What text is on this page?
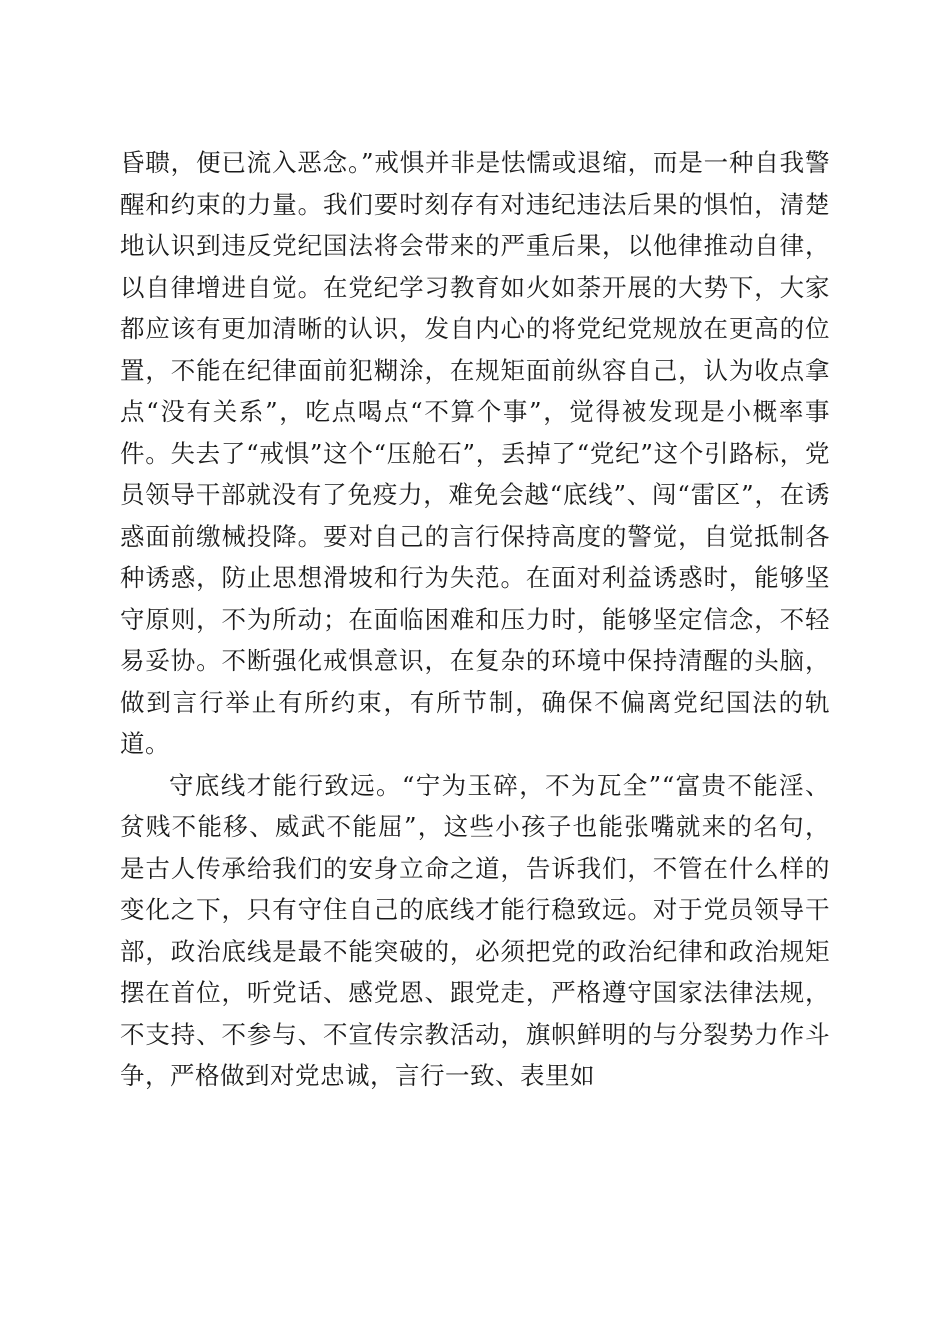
昏聩，便已流入恶念。”戒惧并非是怯懦或退缩，而是一种自我警醒和约束的力量。我们要时刻存有对违纪违法后果的惧怕，清楚地认识到违反党纪国法将会带来的严重后果，以他律推动自律，以自律增进自觉。在党纪学习教育如火如荼开展的大势下，大家都应该有更加清晰的认识，发自内心的将党纪党规放在更高的位置，不能在纪律面前犯糊涂，在规矩面前纵容自己，认为收点拿点“没有关系”，吃点喝点“不算个事”，觉得被发现是小概率事件。失去了“戒惧”这个“压舱石”，丢掉了“党纪”这个引路标，党员领导干部就没有了免疫力，难免会越“底线”、闯“雷区”，在诱惑面前缴械投降。要对自己的言行保持高度的警觉，自觉抵制各种诱惑，防止思想滑坡和行为失范。在面对利益诱惑时，能够坚守原则，不为所动；在面临困难和压力时，能够坚定信念，不轻易妥协。不断强化戒惧意识，在复杂的环境中保持清醒的头脑，做到言行举止有所约束，有所节制，确保不偏离党纪国法的轨道。

守底线才能行致远。“宁为玉碎，不为瓦全”“富贵不能淫、贫贱不能移、威武不能屈”，这些小孩子也能张嘴就来的名句，是古人传承给我们的安身立命之道，告诉我们，不管在什么样的变化之下，只有守住自己的底线才能行稳致远。对于党员领导干部，政治底线是最不能突破的，必须把党的政治纪律和政治规矩摆在首位，听党话、感党恩、跟党走，严格遵守国家法律法规，不支持、不参与、不宣传宗教活动，旗帜鲜明的与分裂势力作斗争，严格做到对党忠诚，言行一致、表里如
